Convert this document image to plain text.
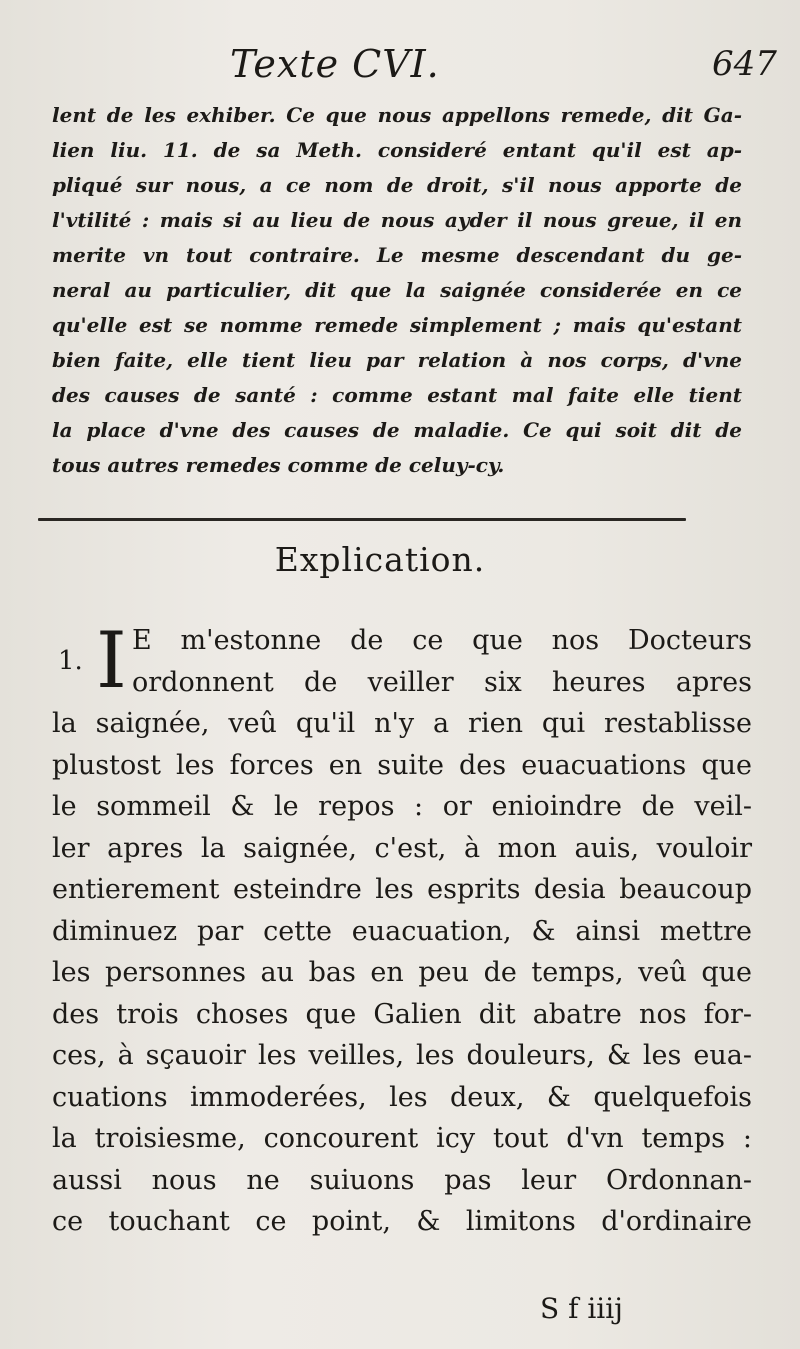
Texte CVI.	647
lent de les exhiber. Ce que nous appellons remede, dit Ga-
lien liu. 11. de sa Meth. consideré entant qu'il est ap-
pliqué sur nous, a ce nom de droit, s'il nous apporte de
l'vtilité : mais si au lieu de nous ayder il nous greue, il en
merite vn tout contraire. Le mesme descendant du ge-
neral au particulier, dit que la saignée considerée en ce
qu'elle est se nomme remede simplement ; mais qu'estant
bien faite, elle tient lieu par relation à nos corps, d'vne
des causes de santé : comme estant mal faite elle tient
la place d'vne des causes de maladie. Ce qui soit dit de
tous autres remedes comme de celuy-cy.
Explication.
1. I E m'estonne de ce que nos Docteurs
ordonnent de veiller six heures apres
la saignée, veû qu'il n'y a rien qui restablisse
plustost les forces en suite des euacuations que
le sommeil & le repos : or enioindre de veil-
ler apres la saignée, c'est, à mon auis, vouloir
entierement esteindre les esprits desia beaucoup
diminuez par cette euacuation, & ainsi mettre
les personnes au bas en peu de temps, veû que
des trois choses que Galien dit abatre nos for-
ces, à sçauoir les veilles, les douleurs, & les eua-
cuations immoderées, les deux, & quelquefois
la troisiesme, concourent icy tout d'vn temps :
aussi nous ne suiuons pas leur Ordonnan-
ce touchant ce point, & limitons d'ordinaire
S f iiij
